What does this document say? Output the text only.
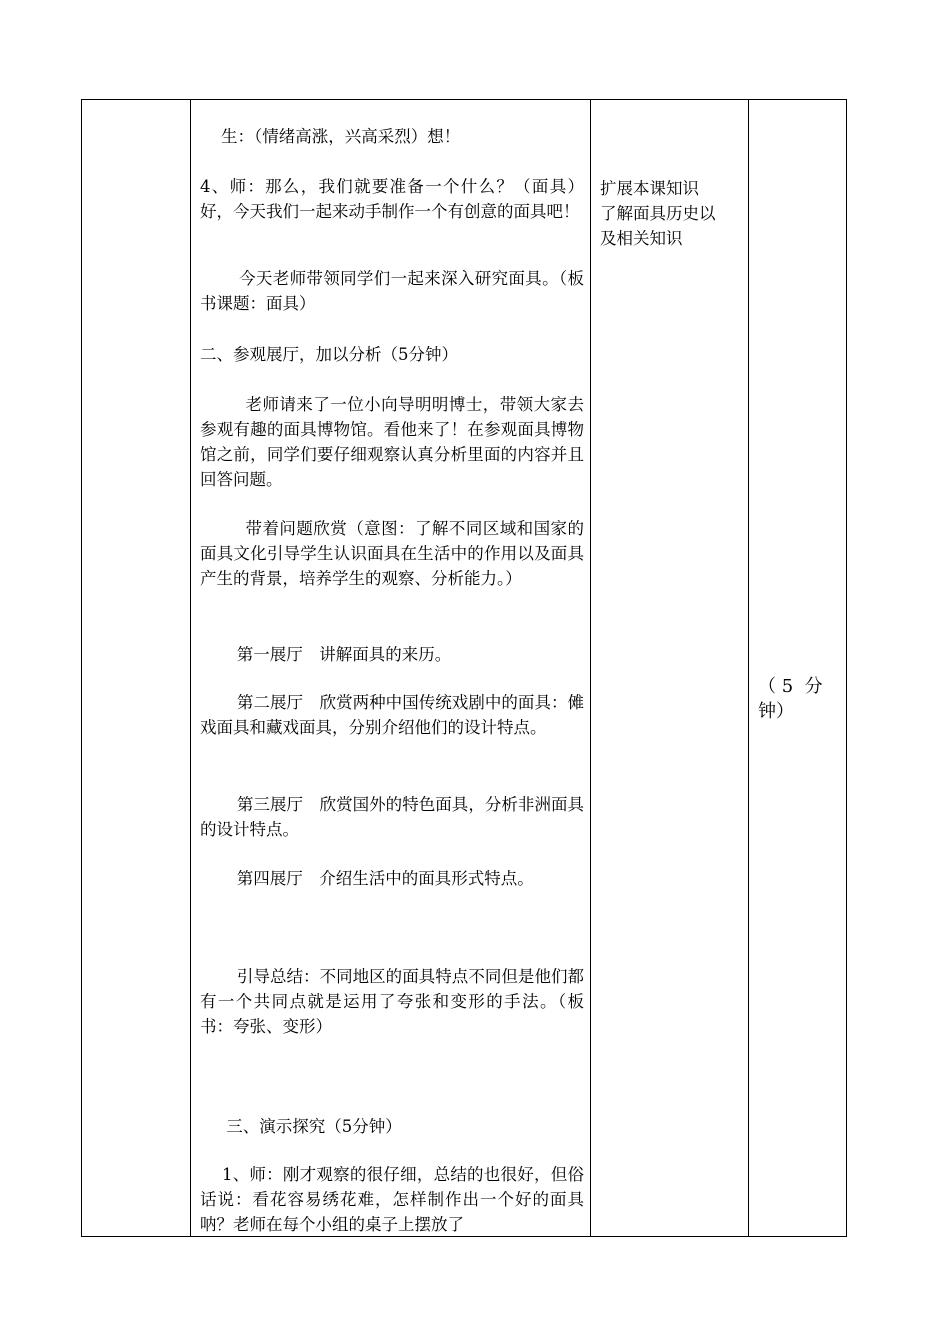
生：（情绪高涨，兴高采烈）想！

4、师：那么，我们就要准备一个什么？（面具）好，今天我们一起来动手制作一个有创意的面具吧！

今天老师带领同学们一起来深入研究面具。（板书课题：面具）

二、参观展厅，加以分析（5分钟）

老师请来了一位小向导明明博士，带领大家去参观有趣的面具博物馆。看他来了！在参观面具博物馆之前，同学们要仔细观察认真分析里面的内容并且回答问题。

带着问题欣赏（意图：了解不同区域和国家的面具文化引导学生认识面具在生活中的作用以及面具产生的背景，培养学生的观察、分析能力。）

第一展厅　讲解面具的来历。

第二展厅　欣赏两种中国传统戏剧中的面具：傩戏面具和藏戏面具，分别介绍他们的设计特点。

第三展厅　欣赏国外的特色面具，分析非洲面具的设计特点。

第四展厅　介绍生活中的面具形式特点。

引导总结：不同地区的面具特点不同但是他们都有一个共同点就是运用了夸张和变形的手法。（板书：夸张、变形）

三、演示探究（5分钟）

1、师：刚才观察的很仔细，总结的也很好，但俗话说：看花容易绣花难，怎样制作出一个好的面具呐？老师在每个小组的桌子上摆放了

扩展本课知识
了解面具历史以
及相关知识

（ 5  分
钟）
